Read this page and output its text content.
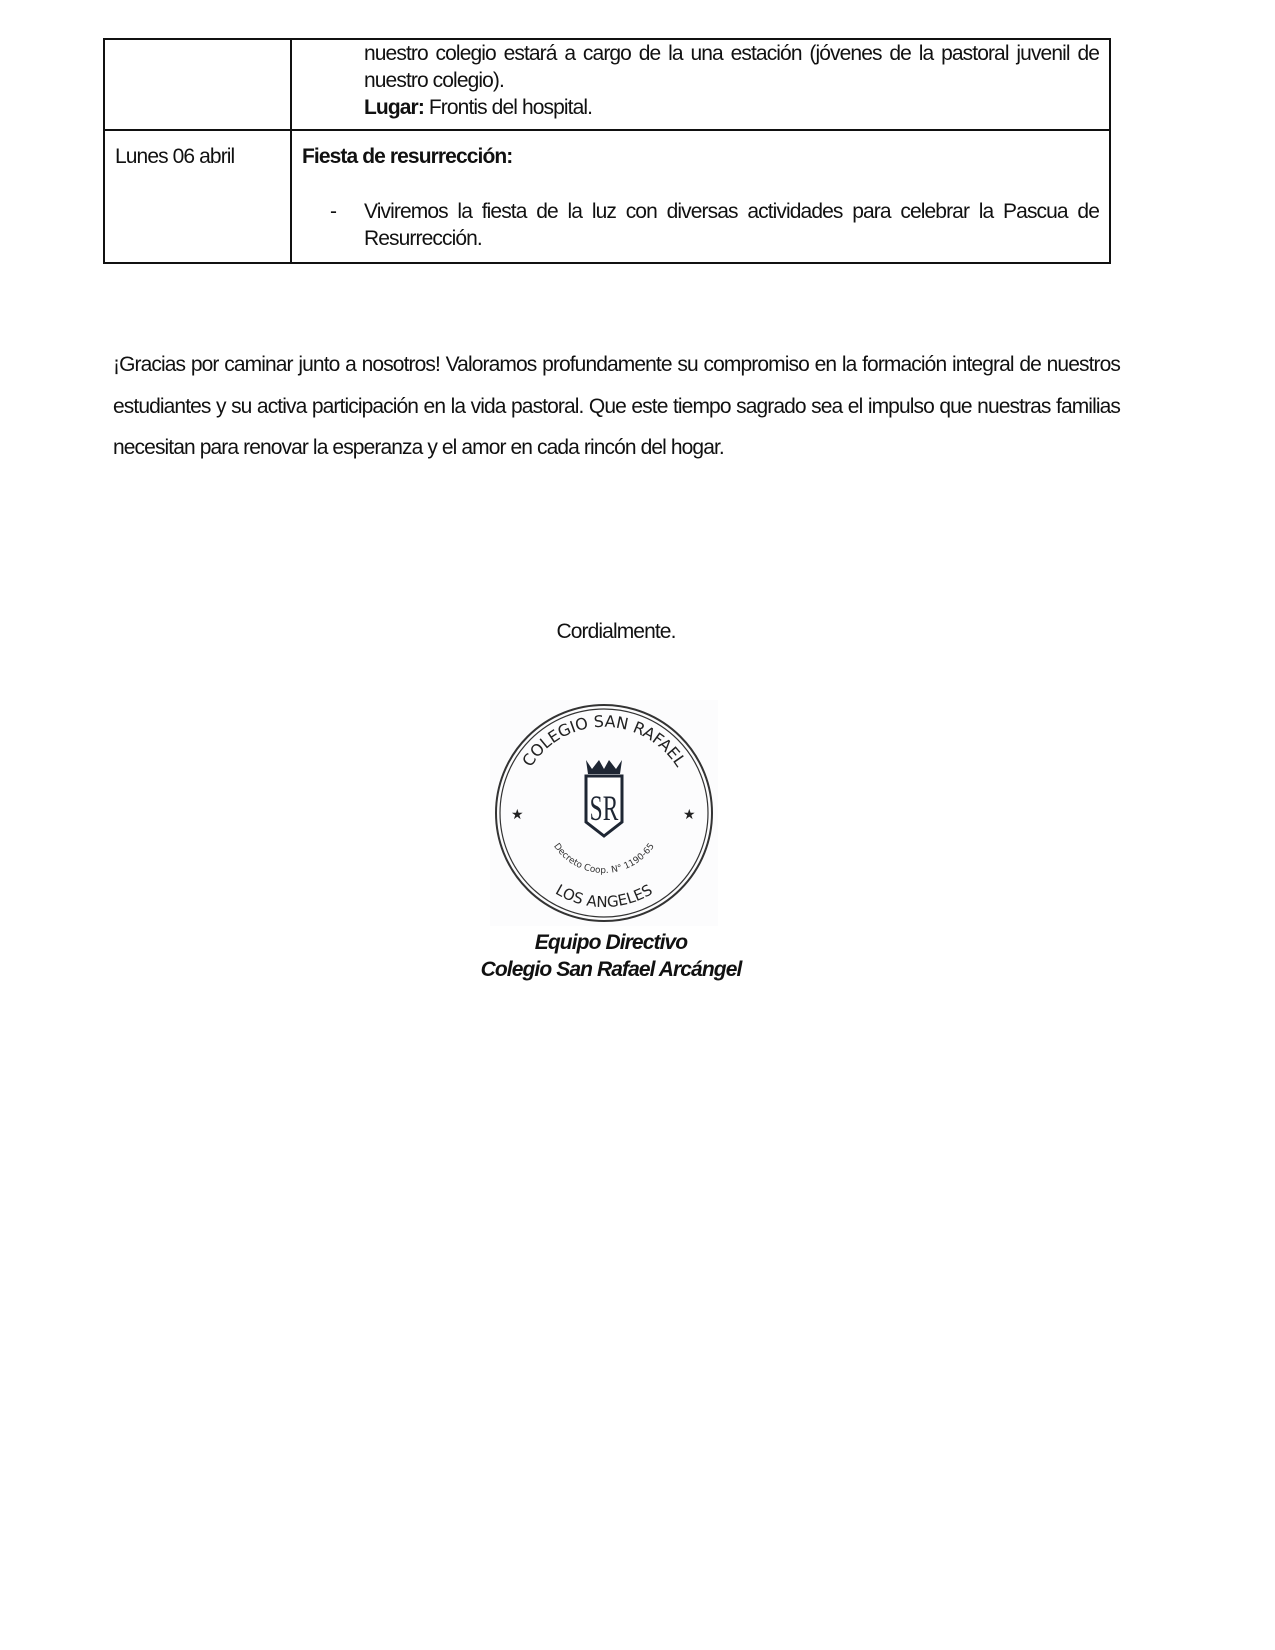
	nuestro colegio estará a cargo de la una estación (jóvenes de la pastoral juvenil de nuestro colegio).
Lugar: Frontis del hospital.

Lunes 06 abril	Fiesta de resurrección:
- Viviremos la fiesta de la luz con diversas actividades para celebrar la Pascua de Resurrección.

¡Gracias por caminar junto a nosotros! Valoramos profundamente su compromiso en la formación integral de nuestros estudiantes y su activa participación en la vida pastoral. Que este tiempo sagrado sea el impulso que nuestras familias necesitan para renovar la esperanza y el amor en cada rincón del hogar.

Cordialmente.
COLEGIO SAN RAFAEL
LOS ANGELES
Decreto Coop. N° 1190-65
SR
★	★
Equipo Directivo
Colegio San Rafael Arcángel
